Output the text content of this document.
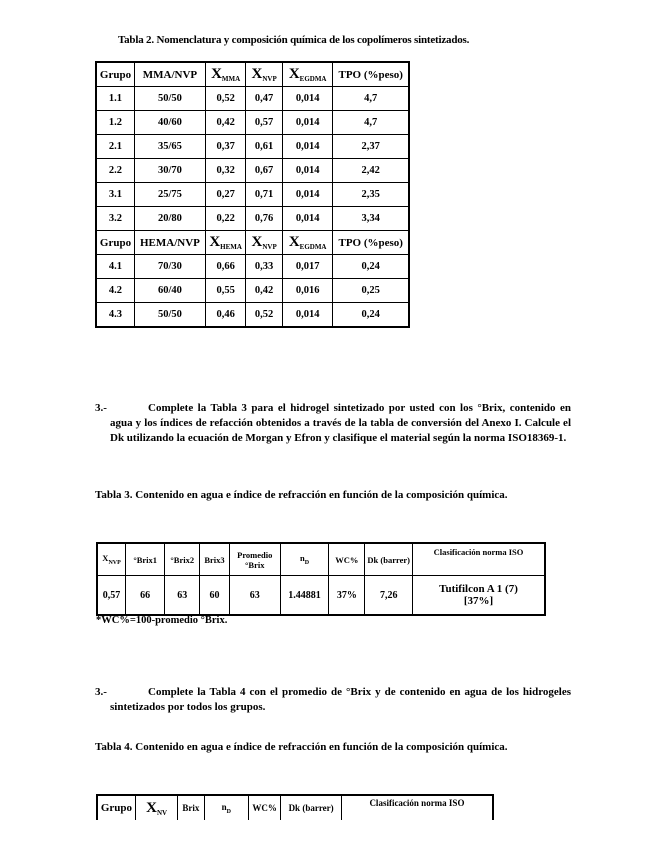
Tabla 2. Nomenclatura y composición química de los copolímeros sintetizados.
Grupo	MMA/NVP	$X_{MMA}$	$X_{NVP}$	$X_{EGDMA}$	TPO (%peso)
1.1	50/50	0,52	0,47	0,014	4,7
1.2	40/60	0,42	0,57	0,014	4,7
2.1	35/65	0,37	0,61	0,014	2,37
2.2	30/70	0,32	0,67	0,014	2,42
3.1	25/75	0,27	0,71	0,014	2,35
3.2	20/80	0,22	0,76	0,014	3,34
Grupo	HEMA/NVP	$X_{HEMA}$	$X_{NVP}$	$X_{EGDMA}$	TPO (%peso)
4.1	70/30	0,66	0,33	0,017	0,24
4.2	60/40	0,55	0,42	0,016	0,25
4.3	50/50	0,46	0,52	0,014	0,24
3.-	Complete la Tabla 3 para el hidrogel sintetizado por usted con los °Brix, contenido en agua y los índices de refacción obtenidos a través de la tabla de conversión del Anexo I. Calcule el Dk utilizando la ecuación de Morgan y Efron y clasifique el material según la norma ISO18369-1.
Tabla 3. Contenido en agua e índice de refracción en función de la composición química.
$X_{NVP}$	°Brix1	°Brix2	Brix3	Promedio °Brix	$n_D$	WC%	Dk (barrer)	Clasificación norma ISO
0,57	66	63	60	63	1.44881	37%	7,26	Tutifilcon A 1 (7) [37%]
*WC%=100-promedio °Brix.
3.-	Complete la Tabla 4 con el promedio de °Brix y de contenido en agua de los hidrogeles sintetizados por todos los grupos.
Tabla 4. Contenido en agua e índice de refracción en función de la composición química.
Grupo	$X_{NV}$	Brix	$n_D$	WC%	Dk (barrer)	Clasificación norma ISO
